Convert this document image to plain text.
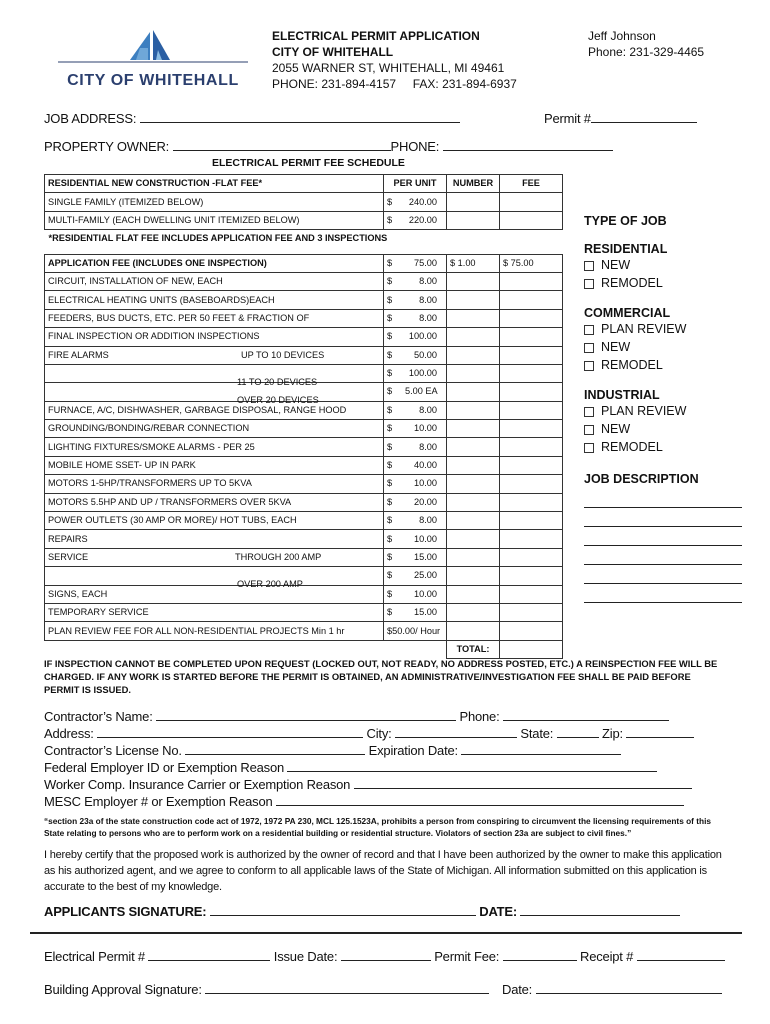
CITY OF WHITEHALL
ELECTRICAL PERMIT APPLICATION
CITY OF WHITEHALL
2055 WARNER ST, WHITEHALL, MI 49461
PHONE: 231-894-4157     FAX: 231-894-6937
Jeff Johnson
Phone: 231-329-4465
JOB ADDRESS:	Permit #
PROPERTY OWNER:	PHONE:
ELECTRICAL PERMIT FEE SCHEDULE
RESIDENTIAL NEW CONSTRUCTION -FLAT FEE*	PER UNIT	NUMBER	FEE
SINGLE FAMILY (ITEMIZED BELOW)	$ 240.00		
MULTI-FAMILY (EACH DWELLING UNIT ITEMIZED BELOW)	$ 220.00		
*RESIDENTIAL FLAT FEE INCLUDES APPLICATION FEE AND 3 INSPECTIONS			

APPLICATION FEE (INCLUDES ONE INSPECTION)	$ 75.00	$ 1.00	$ 75.00
CIRCUIT, INSTALLATION OF NEW, EACH	$ 8.00		
ELECTRICAL HEATING UNITS (BASEBOARDS)EACH	$ 8.00		
FEEDERS, BUS DUCTS, ETC. PER 50 FEET & FRACTION OF	$ 8.00		
FINAL INSPECTION OR ADDITION INSPECTIONS	$ 100.00		
FIRE ALARMS UP TO 10 DEVICES	$ 50.00		

11 TO 20 DEVICES	$ 100.00		

OVER 20 DEVICES	$ 5.00 EA		
FURNACE, A/C, DISHWASHER, GARBAGE DISPOSAL, RANGE HOOD	$ 8.00		
GROUNDING/BONDING/REBAR CONNECTION	$ 10.00		
LIGHTING FIXTURES/SMOKE ALARMS - PER 25	$ 8.00		
MOBILE HOME SSET- UP IN PARK	$ 40.00		
MOTORS 1-5HP/TRANSFORMERS UP TO 5KVA	$ 10.00		
MOTORS 5.5HP AND UP / TRANSFORMERS OVER 5KVA	$ 20.00		
POWER OUTLETS (30 AMP OR MORE)/ HOT TUBS, EACH	$ 8.00		
REPAIRS	$ 10.00		
SERVICE THROUGH 200 AMP	$ 15.00		

OVER 200 AMP	$ 25.00		
SIGNS, EACH	$ 10.00		
TEMPORARY SERVICE	$ 15.00		
PLAN REVIEW FEE FOR ALL NON-RESIDENTIAL PROJECTS Min 1 hr	$50.00/ Hour		
		TOTAL:	
TYPE OF JOB
RESIDENTIAL
NEW
REMODEL
COMMERCIAL
PLAN REVIEW
NEW
REMODEL
INDUSTRIAL
PLAN REVIEW
NEW
REMODEL
JOB DESCRIPTION
IF INSPECTION CANNOT BE COMPLETED UPON REQUEST (LOCKED OUT, NOT READY, NO ADDRESS POSTED, ETC.) A REINSPECTION FEE WILL BE CHARGED. IF ANY WORK IS STARTED BEFORE THE PERMIT IS OBTAINED, AN ADMINISTRATIVE/INVESTIGATION FEE SHALL BE PAID BEFORE PERMIT IS ISSUED.
Contractor’s Name:	Phone:
Address:	City:	State:	Zip:
Contractor’s License No.	Expiration Date:
Federal Employer ID or Exemption Reason
Worker Comp. Insurance Carrier or Exemption Reason
MESC Employer # or Exemption Reason
“section 23a of the state construction code act of 1972, 1972 PA 230, MCL 125.1523A, prohibits a person from conspiring to circumvent the licensing requirements of this State relating to persons who are to perform work on a residential building or residential structure. Violators of section 23a are subject to civil fines.”
I hereby certify that the proposed work is authorized by the owner of record and that I have been authorized by the owner to make this application as his authorized agent, and we agree to conform to all applicable laws of the State of Michigan. All information submitted on this application is accurate to the best of my knowledge.
APPLICANTS SIGNATURE:	DATE:
Electrical Permit #	Issue Date:	Permit Fee:	Receipt #
Building Approval Signature:	Date:
